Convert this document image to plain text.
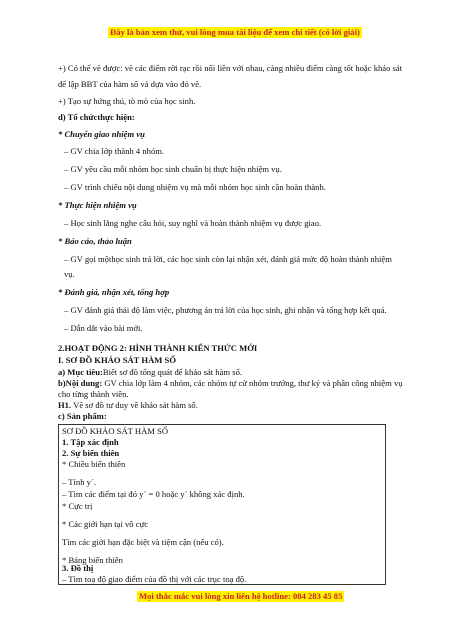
Đây là bản xem thử, vui lòng mua tài liệu để xem chi tiết (có lời giải)
+) Có thể vẽ được: vẽ các điểm rời rạc rồi nối liền với nhau, càng nhiều điểm càng tốt hoặc khảo sát
để lập BBT của hàm số và dựa vào đó vẽ.
+) Tạo sự hứng thú, tò mò của học sinh.
d) Tổ chứcthực hiện:
* Chuyển giao nhiệm vụ
– GV chia lớp thành 4 nhóm.
– GV yêu cầu mỗi nhóm học sinh chuẩn bị thực hiện nhiệm vụ.
– GV trình chiếu nội dung nhiệm vụ mà mỗi nhóm học sinh cần hoàn thành.
* Thực hiện nhiệm vụ
– Học sinh lắng nghe câu hỏi, suy nghĩ và hoàn thành nhiệm vụ được giao.
* Báo cáo, thảo luận
– GV gọi mộthọc sinh trả lời, các học sinh còn lại nhận xét, đánh giá mức độ hoàn thành nhiệm
vụ.
* Đánh giá, nhận xét, tổng hợp
– GV đánh giá thái độ làm việc, phương án trả lời của học sinh, ghi nhận và tổng hợp kết quả.
– Dẫn dắt vào bài mới.
2.HOẠT ĐỘNG 2: HÌNH THÀNH KIẾN THỨC MỚI
I. SƠ ĐỒ KHẢO SÁT HÀM SỐ
a) Mục tiêu:Biết sơ đồ tổng quát để khảo sát hàm số.
b)Nội dung: GV chia lớp làm 4 nhóm, các nhóm tự cử nhóm trưởng, thư ký và phân công nhiệm vụ
cho từng thành viên.
H1. Vẽ sơ đồ tư duy về khảo sát hàm số.
c) Sản phẩm:
SƠ ĐỒ KHẢO SÁT HÀM SỐ
1. Tập xác định
2. Sự biến thiên
* Chiều biến thiên
– Tính y´.
– Tìm các điểm tại đó y´ = 0 hoặc y´ không xác định.
* Cực trị
* Các giới hạn tại vô cực
Tìm các giới hạn đặc biệt và tiệm cận (nếu có).
* Bảng biến thiên
3. Đồ thị
– Tìm toạ độ giao điểm của đồ thị với các trục toạ độ.
Mọi thắc mắc vui lòng xin liên hệ hotline: 084 283 45 85
